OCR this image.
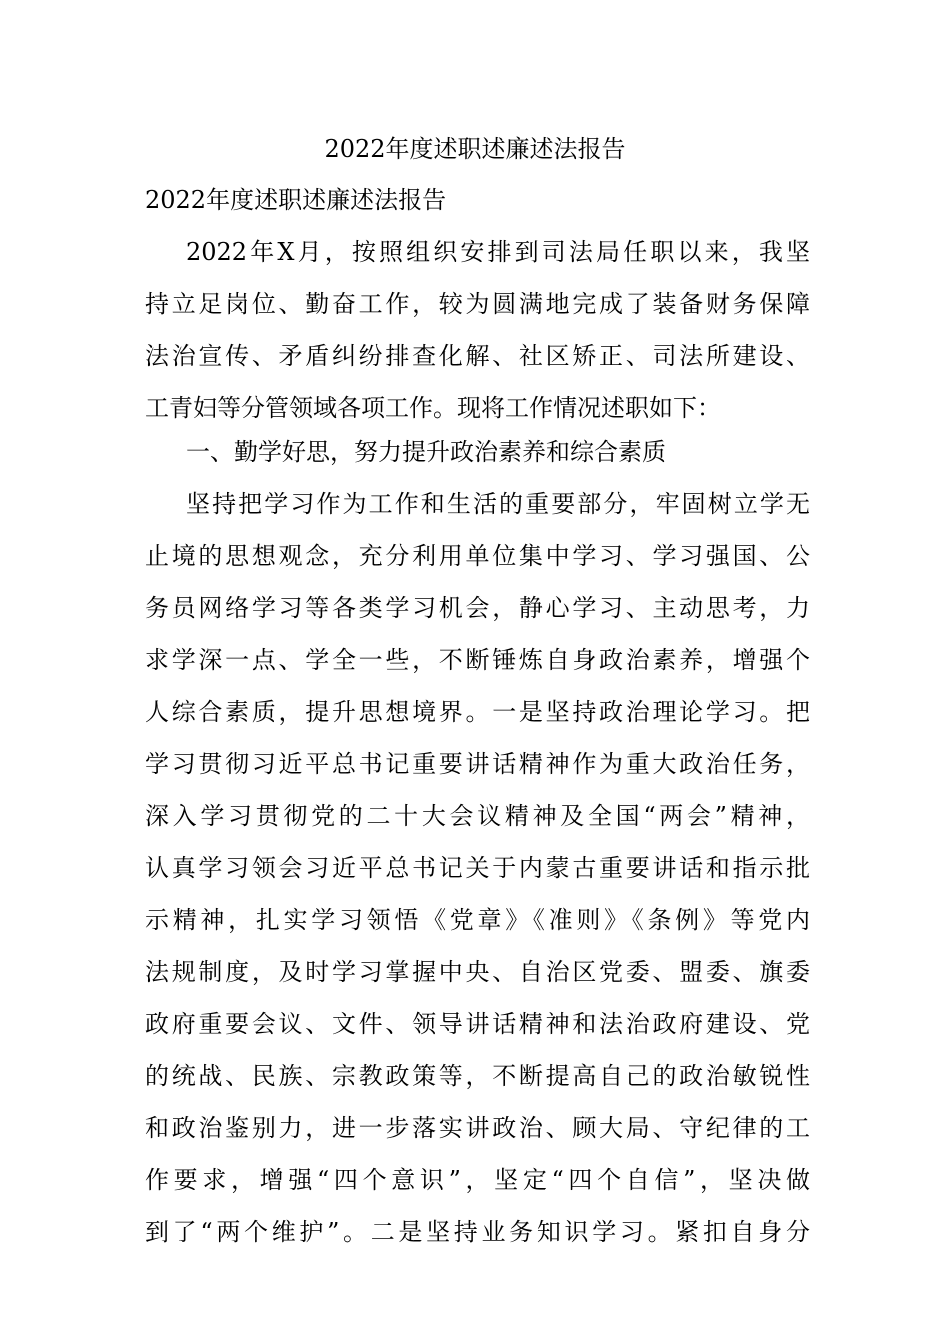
2022年度述职述廉述法报告
2022年度述职述廉述法报告
2022年X月，按照组织安排到司法局任职以来，我坚
持立足岗位、勤奋工作，较为圆满地完成了装备财务保障
法治宣传、矛盾纠纷排查化解、社区矫正、司法所建设、
工青妇等分管领域各项工作。现将工作情况述职如下：
一、勤学好思，努力提升政治素养和综合素质
坚持把学习作为工作和生活的重要部分，牢固树立学无
止境的思想观念，充分利用单位集中学习、学习强国、公
务员网络学习等各类学习机会，静心学习、主动思考，力
求学深一点、学全一些，不断锤炼自身政治素养，增强个
人综合素质，提升思想境界。一是坚持政治理论学习。把
学习贯彻习近平总书记重要讲话精神作为重大政治任务，
深入学习贯彻党的二十大会议精神及全国“两会”精神，
认真学习领会习近平总书记关于内蒙古重要讲话和指示批
示精神，扎实学习领悟《党章》《准则》《条例》等党内
法规制度，及时学习掌握中央、自治区党委、盟委、旗委
政府重要会议、文件、领导讲话精神和法治政府建设、党
的统战、民族、宗教政策等，不断提高自己的政治敏锐性
和政治鉴别力，进一步落实讲政治、顾大局、守纪律的工
作要求，增强“四个意识”，坚定“四个自信”，坚决做
到了“两个维护”。二是坚持业务知识学习。紧扣自身分
